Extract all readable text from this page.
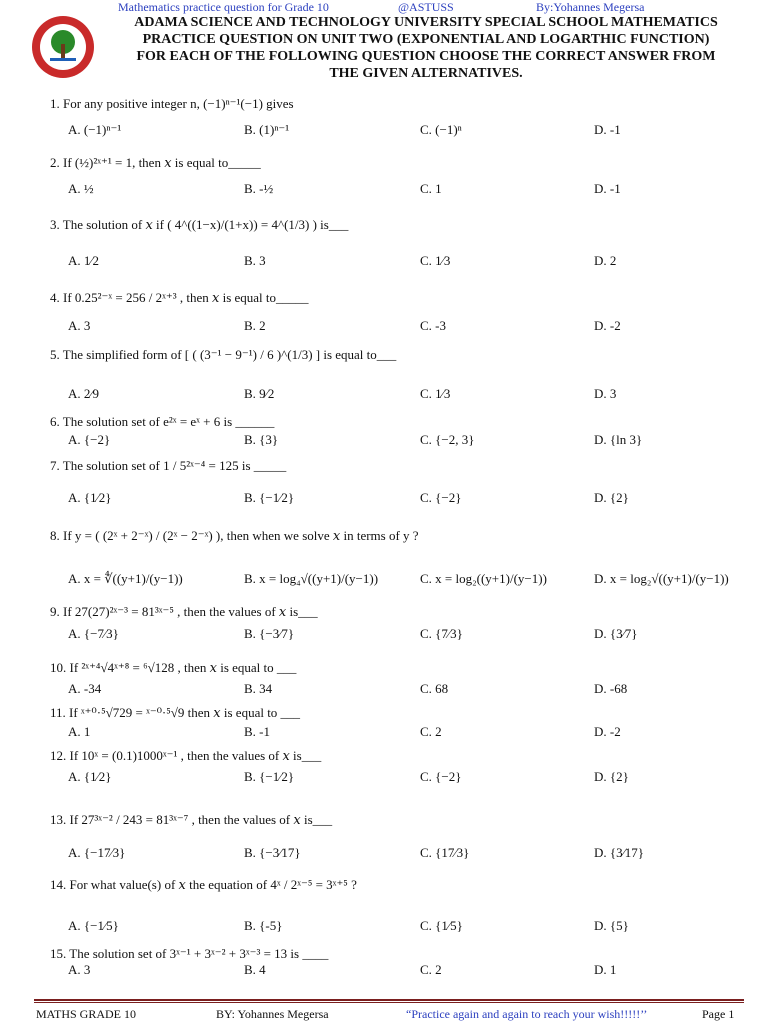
Mathematics practice question for Grade 10	@ASTUSS	By:Yohannes Megersa
ADAMA SCIENCE AND TECHNOLOGY UNIVERSITY SPECIAL SCHOOL MATHEMATICS
PRACTICE QUESTION ON UNIT TWO (EXPONENTIAL AND LOGARTHIC FUNCTION)
FOR EACH OF THE FOLLOWING QUESTION CHOOSE THE CORRECT ANSWER FROM
THE GIVEN ALTERNATIVES.
1. For any positive integer n, (−1)ⁿ⁻¹(−1) gives
A. (−1)ⁿ⁻¹	B. (1)ⁿ⁻¹	C. (−1)ⁿ	D. -1
2. If (½)²ˣ⁺¹ = 1, then 𝑥 is equal to_____
A. ½	B. -½	C. 1	D. -1
3. The solution of 𝑥 if ( 4^((1−x)/(1+x)) = 4^(1/3) ) is___
A. 1⁄2	B. 3	C. 1⁄3	D. 2
4. If 0.25²⁻ˣ = 256 / 2ˣ⁺³ , then 𝑥 is equal to_____
A. 3	B. 2	C. -3	D. -2
5. The simplified form of [ ( (3⁻¹ − 9⁻¹) / 6 )^(1/3) ] is equal to___
A. 2⁄9	B. 9⁄2	C. 1⁄3	D. 3
6. The solution set of e²ˣ = eˣ + 6 is ______
A. {−2}	B. {3}	C. {−2, 3}	D. {ln 3}
7. The solution set of 1 / 5²ˣ⁻⁴ = 125 is _____
A. {1⁄2}	B. {−1⁄2}	C. {−2}	D. {2}
8. If y = ( (2ˣ + 2⁻ˣ) / (2ˣ − 2⁻ˣ) ), then when we solve 𝑥 in terms of y ?
A. x = ∜((y+1)/(y−1))	B. x = log₄√((y+1)/(y−1))	C. x = log₂((y+1)/(y−1))	D. x = log₂√((y+1)/(y−1))
9. If 27(27)²ˣ⁻³ = 81³ˣ⁻⁵ , then the values of 𝑥 is___
A. {−7⁄3}	B. {−3⁄7}	C. {7⁄3}	D. {3⁄7}
10. If ²ˣ⁺⁴√4ˣ⁺⁸ = ⁶√128 , then 𝑥 is equal to ___
A. -34	B. 34	C. 68	D. -68
11. If ˣ⁺⁰·⁵√729 = ˣ⁻⁰·⁵√9 then 𝑥 is equal to ___
A. 1	B. -1	C. 2	D. -2
12. If 10ˣ = (0.1)1000ˣ⁻¹ , then the values of 𝑥 is___
A. {1⁄2}	B. {−1⁄2}	C. {−2}	D. {2}
13. If 27³ˣ⁻² / 243 = 81³ˣ⁻⁷ , then the values of 𝑥 is___
A. {−17⁄3}	B. {−3⁄17}	C. {17⁄3}	D. {3⁄17}
14. For what value(s) of 𝑥 the equation of 4ˣ / 2ˣ⁻⁵ = 3ˣ⁺⁵ ?
A. {−1⁄5}	B. {-5}	C. {1⁄5}	D. {5}
15. The solution set of 3ˣ⁻¹ + 3ˣ⁻² + 3ˣ⁻³ = 13 is ____
A. 3	B. 4	C. 2	D. 1
MATHS GRADE 10	BY: Yohannes Megersa	“Practice again and again to reach your wish!!!!!’’	Page 1
